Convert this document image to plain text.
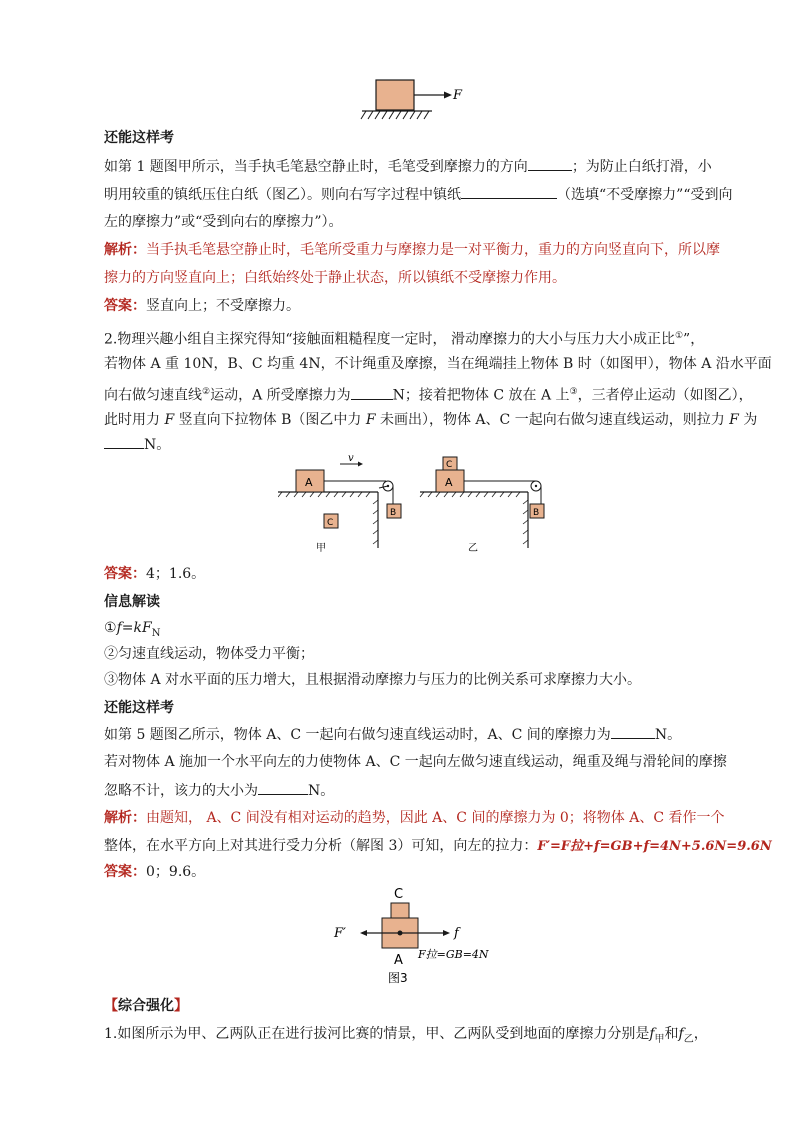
F
还能这样考
如第 1 题图甲所示，当手执毛笔悬空静止时，毛笔受到摩擦力的方向	；为防止白纸打滑，小
明用较重的镇纸压住白纸（图乙）。则向右写字过程中镇纸	（选填“不受摩擦力”“受到向
左的摩擦力”或“受到向右的摩擦力”）。
解析：当手执毛笔悬空静止时，毛笔所受重力与摩擦力是一对平衡力，重力的方向竖直向下，所以摩
擦力的方向竖直向上；白纸始终处于静止状态，所以镇纸不受摩擦力作用。
答案：竖直向上；不受摩擦力。
2.物理兴趣小组自主探究得知“接触面粗糙程度一定时， 滑动摩擦力的大小与压力大小成正比①”，
若物体 A 重 10N，B、C 均重 4N，不计绳重及摩擦，当在绳端挂上物体 B 时（如图甲），物体 A 沿水平面
向右做匀速直线②运动，A 所受摩擦力为	N；接着把物体 C 放在 A 上③，三者停止运动（如图乙），
此时用力 F 竖直向下拉物体 B（图乙中力 F 未画出），物体 A、C 一起向右做匀速直线运动，则拉力 F 为
N。
A
B
v
C
甲
A
C
B
乙
答案：4；1.6。
信息解读
$①f=kF_N$
②匀速直线运动，物体受力平衡；
③物体 A 对水平面的压力增大，且根据滑动摩擦力与压力的比例关系可求摩擦力大小。
还能这样考
如第 5 题图乙所示，物体 A、C 一起向右做匀速直线运动时，A、C 间的摩擦力为	N。
若对物体 A 施加一个水平向左的力使物体 A、C 一起向左做匀速直线运动，绳重及绳与滑轮间的摩擦
忽略不计，该力的大小为	N。
解析：由题知， A、C 间没有相对运动的趋势，因此 A、C 间的摩擦力为 0；将物体 A、C 看作一个
整体，在水平方向上对其进行受力分析（解图 3）可知，向左的拉力：F′=F拉+f=GB+f=4N+5.6N=9.6N
答案：0；9.6。
C
F′	f
A F拉=GB=4N
图3
【综合强化】
1.如图所示为甲、乙两队正在进行拔河比赛的情景，甲、乙两队受到地面的摩擦力分别是$f_甲$和$f_乙$，
